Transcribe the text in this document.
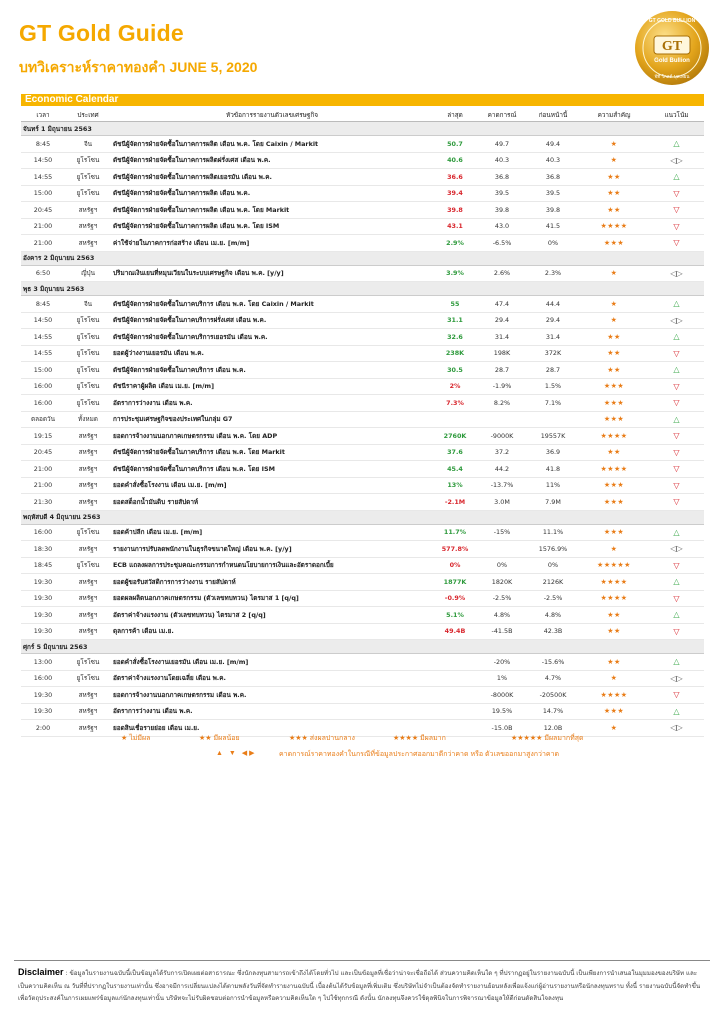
GT Gold Guide
บทวิเคราะห์ราคาทองคำ JUNE 5, 2020
GT
Gold Bullion
GT GOLD BULLION
จีที โกลด์ บุลเลียน
Economic Calendar
เวลา	ประเทศ	หัวข้อการรายงานตัวเลขเศรษฐกิจ	ล่าสุด	คาดการณ์	ก่อนหน้านี้	ความสำคัญ	แนวโน้ม
จันทร์ 1 มิถุนายน 2563							
8:45	จีน	ดัชนีผู้จัดการฝ่ายจัดซื้อในภาคการผลิต เดือน พ.ค. โดย Caixin / Markit	50.7	49.7	49.4	★	△
14:50	ยูโรโซน	ดัชนีผู้จัดการฝ่ายจัดซื้อในภาคการผลิตฝรั่งเศส เดือน พ.ค.	40.6	40.3	40.3	★	◁▷
14:55	ยูโรโซน	ดัชนีผู้จัดการฝ่ายจัดซื้อในภาคการผลิตเยอรมัน เดือน พ.ค.	36.6	36.8	36.8	★★	△
15:00	ยูโรโซน	ดัชนีผู้จัดการฝ่ายจัดซื้อในภาคการผลิต เดือน พ.ค.	39.4	39.5	39.5	★★	▽
20:45	สหรัฐฯ	ดัชนีผู้จัดการฝ่ายจัดซื้อในภาคการผลิต เดือน พ.ค. โดย Markit	39.8	39.8	39.8	★★	▽
21:00	สหรัฐฯ	ดัชนีผู้จัดการฝ่ายจัดซื้อในภาคการผลิต เดือน พ.ค. โดย ISM	43.1	43.0	41.5	★★★★	▽
21:00	สหรัฐฯ	ค่าใช้จ่ายในภาคการก่อสร้าง เดือน เม.ย. [m/m]	2.9%	-6.5%	0%	★★★	▽
อังคาร 2 มิถุนายน 2563							
6:50	ญี่ปุ่น	ปริมาณเงินเยนที่หมุนเวียนในระบบเศรษฐกิจ เดือน พ.ค. [y/y]	3.9%	2.6%	2.3%	★	◁▷
พุธ 3 มิถุนายน 2563							
8:45	จีน	ดัชนีผู้จัดการฝ่ายจัดซื้อในภาคบริการ เดือน พ.ค. โดย Caixin / Markit	55	47.4	44.4	★	△
14:50	ยูโรโซน	ดัชนีผู้จัดการฝ่ายจัดซื้อในภาคบริการฝรั่งเศส เดือน พ.ค.	31.1	29.4	29.4	★	◁▷
14:55	ยูโรโซน	ดัชนีผู้จัดการฝ่ายจัดซื้อในภาคบริการเยอรมัน เดือน พ.ค.	32.6	31.4	31.4	★★	△
14:55	ยูโรโซน	ยอดผู้ว่างงานเยอรมัน เดือน พ.ค.	238K	198K	372K	★★	▽
15:00	ยูโรโซน	ดัชนีผู้จัดการฝ่ายจัดซื้อในภาคบริการ เดือน พ.ค.	30.5	28.7	28.7	★★	△
16:00	ยูโรโซน	ดัชนีราคาผู้ผลิต เดือน เม.ย. [m/m]	2%	-1.9%	1.5%	★★★	▽
16:00	ยูโรโซน	อัตราการว่างงาน เดือน พ.ค.	7.3%	8.2%	7.1%	★★★	▽
ตลอดวัน	ทั้งหมด	การประชุมเศรษฐกิจของประเทศในกลุ่ม G7				★★★	△
19:15	สหรัฐฯ	ยอดการจ้างงานนอกภาคเกษตรกรรม เดือน พ.ค. โดย ADP	2760K	-9000K	19557K	★★★★	▽
20:45	สหรัฐฯ	ดัชนีผู้จัดการฝ่ายจัดซื้อในภาคบริการ เดือน พ.ค. โดย Markit	37.6	37.2	36.9	★★	▽
21:00	สหรัฐฯ	ดัชนีผู้จัดการฝ่ายจัดซื้อในภาคบริการ เดือน พ.ค. โดย ISM	45.4	44.2	41.8	★★★★	▽
21:00	สหรัฐฯ	ยอดคำสั่งซื้อโรงงาน เดือน เม.ย. [m/m]	13%	-13.7%	11%	★★★	▽
21:30	สหรัฐฯ	ยอดสต็อกน้ำมันดิบ รายสัปดาห์	-2.1M	3.0M	7.9M	★★★	▽
พฤหัสบดี 4 มิถุนายน 2563							
16:00	ยูโรโซน	ยอดค้าปลีก เดือน เม.ย. [m/m]	11.7%	-15%	11.1%	★★★	△
18:30	สหรัฐฯ	รายงานการปรับลดพนักงานในธุรกิจขนาดใหญ่ เดือน พ.ค. [y/y]	577.8%		1576.9%	★	◁▷
18:45	ยูโรโซน	ECB แถลงผลการประชุมคณะกรรมการกำหนดนโยบายการเงินและอัตราดอกเบี้ย	0%	0%	0%	★★★★★	▽
19:30	สหรัฐฯ	ยอดผู้ขอรับสวัสดิการการว่างงาน รายสัปดาห์	1877K	1820K	2126K	★★★★	△
19:30	สหรัฐฯ	ยอดผลผลิตนอกภาคเกษตรกรรม (ตัวเลขทบทวน) ไตรมาส 1 [q/q]	-0.9%	-2.5%	-2.5%	★★★★	▽
19:30	สหรัฐฯ	อัตราค่าจ้างแรงงาน (ตัวเลขทบทวน) ไตรมาส 2 [q/q]	5.1%	4.8%	4.8%	★★	△
19:30	สหรัฐฯ	ดุลการค้า เดือน เม.ย.	49.4B	-41.5B	42.3B	★★	▽
ศุกร์ 5 มิถุนายน 2563							
13:00	ยูโรโซน	ยอดคำสั่งซื้อโรงงานเยอรมัน เดือน เม.ย. [m/m]		-20%	-15.6%	★★	△
16:00	ยูโรโซน	อัตราค่าจ้างแรงงานโดยเฉลี่ย เดือน พ.ค.		1%	4.7%	★	◁▷
19:30	สหรัฐฯ	ยอดการจ้างงานนอกภาคเกษตรกรรม เดือน พ.ค.		-8000K	-20500K	★★★★	▽
19:30	สหรัฐฯ	อัตราการว่างงาน เดือน พ.ค.		19.5%	14.7%	★★★	△
2:00	สหรัฐฯ	ยอดสินเชื่อรายย่อย เดือน เม.ย.		-15.0B	12.0B	★	◁▷
★ ไม่มีผล	★★ มีผลน้อย	★★★ ส่งผลปานกลาง	★★★★ มีผลมาก	★★★★★ มีผลมากที่สุด
▲ ▼ ◀▶	คาดการณ์ราคาทองคำในกรณีที่ข้อมูลประกาศออกมาดีกว่าคาด หรือ ตัวเลขออกมาสูงกว่าคาด
Disclaimer : ข้อมูลในรายงานฉบับนี้เป็นข้อมูลได้รับการเปิดเผยต่อสาธารณะ ซึ่งนักลงทุนสามารถเข้าถึงได้โดยทั่วไป และเป็นข้อมูลที่เชื่อว่าน่าจะเชื่อถือได้ ส่วนความคิดเห็นใด ๆ ที่ปรากฏอยู่ในรายงานฉบับนี้ เป็นเพียงการนำเสนอในมุมมองของบริษัท และเป็นความคิดเห็น ณ วันที่ที่ปรากฏในรายงานเท่านั้น ซึ่งอาจมีการเปลี่ยนแปลงได้ตามพลังวันที่จัดทำรายงานฉบับนี้ เบื้องต้นได้รับข้อมูลที่เพิ่มเติม ซึ่งบริษัทไม่จำเป็นต้องจัดทำรายงานย้อนหลังเพื่อแจ้งแก่ผู้อ่านรายงานหรือนักลงทุนทราบ ทั้งนี้ รายงานฉบับนี้จัดทำขึ้นเพื่อวัตถุประสงค์ในการเผยแพร่ข้อมูลแก่นักลงทุนเท่านั้น บริษัทจะไม่รับผิดชอบต่อการนำข้อมูลหรือความคิดเห็นใด ๆ ไปใช้ทุกกรณี ดังนั้น นักลงทุนจึงควรใช้ดุลพินิจในการพิจารณาข้อมูลให้ดีก่อนตัดสินใจลงทุน
